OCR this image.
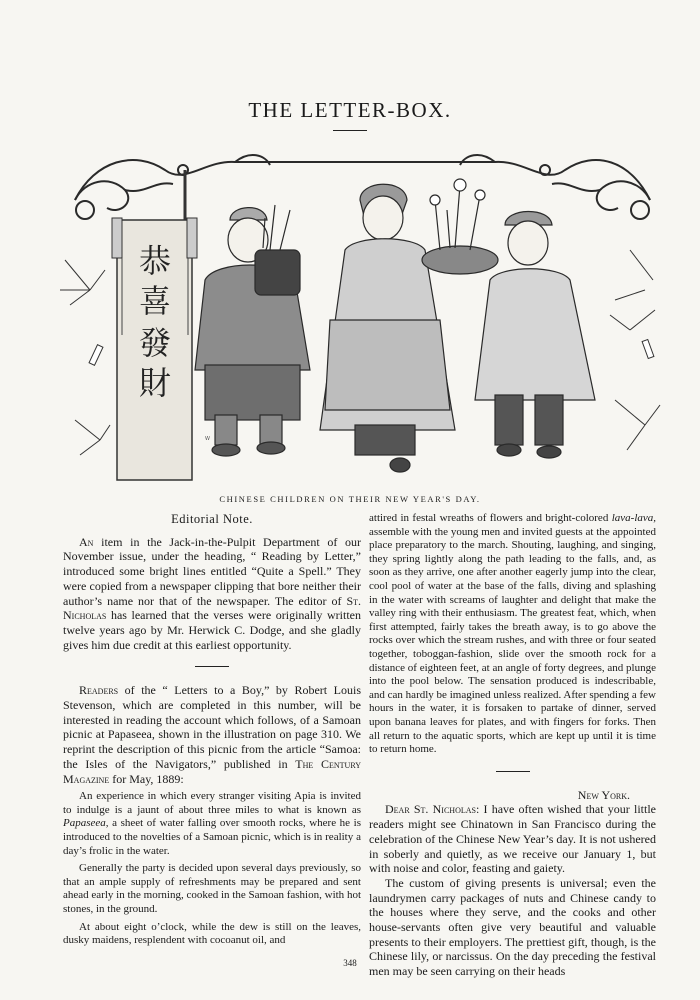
THE LETTER-BOX.
恭
喜
發
財
W
CHINESE CHILDREN ON THEIR NEW YEAR'S DAY.
Editorial Note.

An item in the Jack-in-the-Pulpit Department of our November issue, under the heading, “ Reading by Letter,” introduced some bright lines entitled “Quite a Spell.” They were copied from a newspaper clipping that bore neither their author’s name nor that of the newspaper. The editor of St. Nicholas has learned that the verses were originally written twelve years ago by Mr. Herwick C. Dodge, and she gladly gives him due credit at this earliest opportunity.

Readers of the “ Letters to a Boy,” by Robert Louis Stevenson, which are completed in this number, will be interested in reading the account which follows, of a Samoan picnic at Papaseea, shown in the illustration on page 310. We reprint the description of this picnic from the article “Samoa: the Isles of the Navigators,” published in The Century Magazine for May, 1889:

An experience in which every stranger visiting Apia is invited to indulge is a jaunt of about three miles to what is known as Papaseea, a sheet of water falling over smooth rocks, where he is introduced to the novelties of a Samoan picnic, which is in reality a day’s frolic in the water.

Generally the party is decided upon several days previously, so that an ample supply of refreshments may be prepared and sent ahead early in the morning, cooked in the Samoan fashion, with hot stones, in the ground.

At about eight o’clock, while the dew is still on the leaves, dusky maidens, resplendent with cocoanut oil, and

attired in festal wreaths of flowers and bright-colored lava-lava, assemble with the young men and invited guests at the appointed place preparatory to the march. Shouting, laughing, and singing, they spring lightly along the path leading to the falls, and, as soon as they arrive, one after another eagerly jump into the clear, cool pool of water at the base of the falls, diving and splashing in the water with screams of laughter and delight that make the valley ring with their enthusiasm. The greatest feat, which, when first attempted, fairly takes the breath away, is to go above the rocks over which the stream rushes, and with three or four seated together, toboggan-fashion, slide over the smooth rock for a distance of eighteen feet, at an angle of forty degrees, and plunge into the pool below. The sensation produced is indescribable, and can hardly be imagined unless realized. After spending a few hours in the water, it is forsaken to partake of dinner, served upon banana leaves for plates, and with fingers for forks. Then all return to the aquatic sports, which are kept up until it is time to return home.

New York.

Dear St. Nicholas: I have often wished that your little readers might see Chinatown in San Francisco during the celebration of the Chinese New Year’s day. It is not ushered in soberly and quietly, as we receive our January 1, but with noise and color, feasting and gaiety.

The custom of giving presents is universal; even the laundrymen carry packages of nuts and Chinese candy to the houses where they serve, and the cooks and other house-servants often give very beautiful and valuable presents to their employers. The prettiest gift, though, is the Chinese lily, or narcissus. On the day preceding the festival men may be seen carrying on their heads

348
